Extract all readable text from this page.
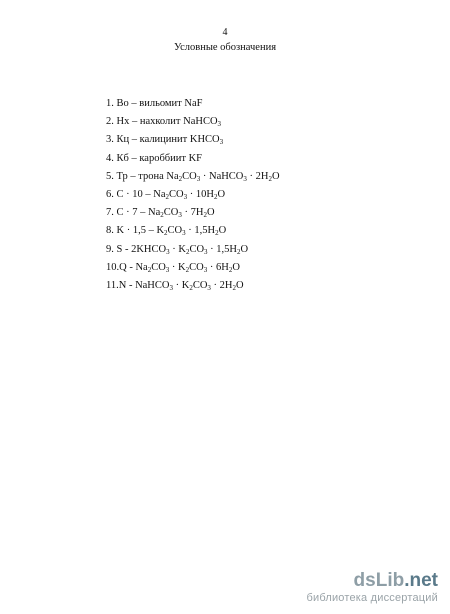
4
Условные обозначения
1. Во – вильомит NaF
2. Нх – нахколит NaHCO$_3$
3. Кц – калицинит $KHCO_3$
4. Кб – кароббиит KF
5. Тр – трона $Na_2CO_3$ · NaHCO$_3$ · $2H_2O$
6. $C \cdot 10 - Na_2CO_3 \cdot 10H_2O$
7. $C \cdot 7 - Na_2CO_3 \cdot 7H_2O$
8. $K \cdot 1,5 - K_2CO_3 \cdot 1,5H_2O$
9. $S - 2KHCO_3 \cdot K_2CO_3 \cdot 1,5H_2O$
$10.Q - Na_2CO_3 \cdot K_2CO_3 \cdot 6H_2O$
11.N - NaHCO$_3$ · $K_2CO_3 \cdot 2H_2O$
dsLib.net
библиотека диссертаций
